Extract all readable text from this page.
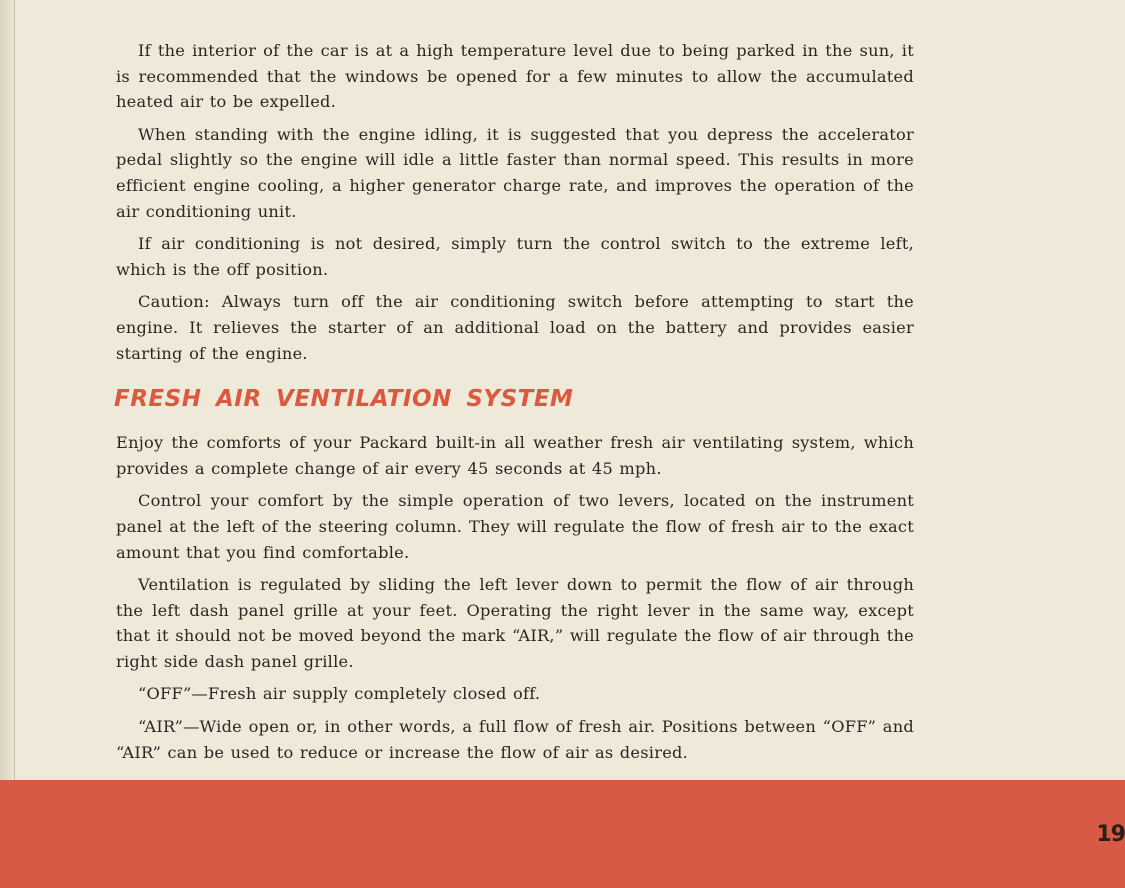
If the interior of the car is at a high temperature level due to being parked in the sun, it is recommended that the windows be opened for a few minutes to allow the accumulated heated air to be expelled.

When standing with the engine idling, it is suggested that you depress the accelerator pedal slightly so the engine will idle a little faster than normal speed. This results in more efficient engine cooling, a higher generator charge rate, and improves the operation of the air conditioning unit.

If air conditioning is not desired, simply turn the control switch to the extreme left, which is the off position.

Caution: Always turn off the air conditioning switch before attempting to start the engine. It relieves the starter of an additional load on the battery and provides easier starting of the engine.

FRESH AIR VENTILATION SYSTEM

Enjoy the comforts of your Packard built-in all weather fresh air ventilating system, which provides a complete change of air every 45 seconds at 45 mph.

Control your comfort by the simple operation of two levers, located on the instrument panel at the left of the steering column. They will regulate the flow of fresh air to the exact amount that you find comfortable.

Ventilation is regulated by sliding the left lever down to permit the flow of air through the left dash panel grille at your feet. Operating the right lever in the same way, except that it should not be moved beyond the mark “AIR,” will regulate the flow of air through the right side dash panel grille.

“OFF”—Fresh air supply completely closed off.

“AIR”—Wide open or, in other words, a full flow of fresh air. Positions between “OFF” and “AIR” can be used to reduce or increase the flow of air as desired.

19
